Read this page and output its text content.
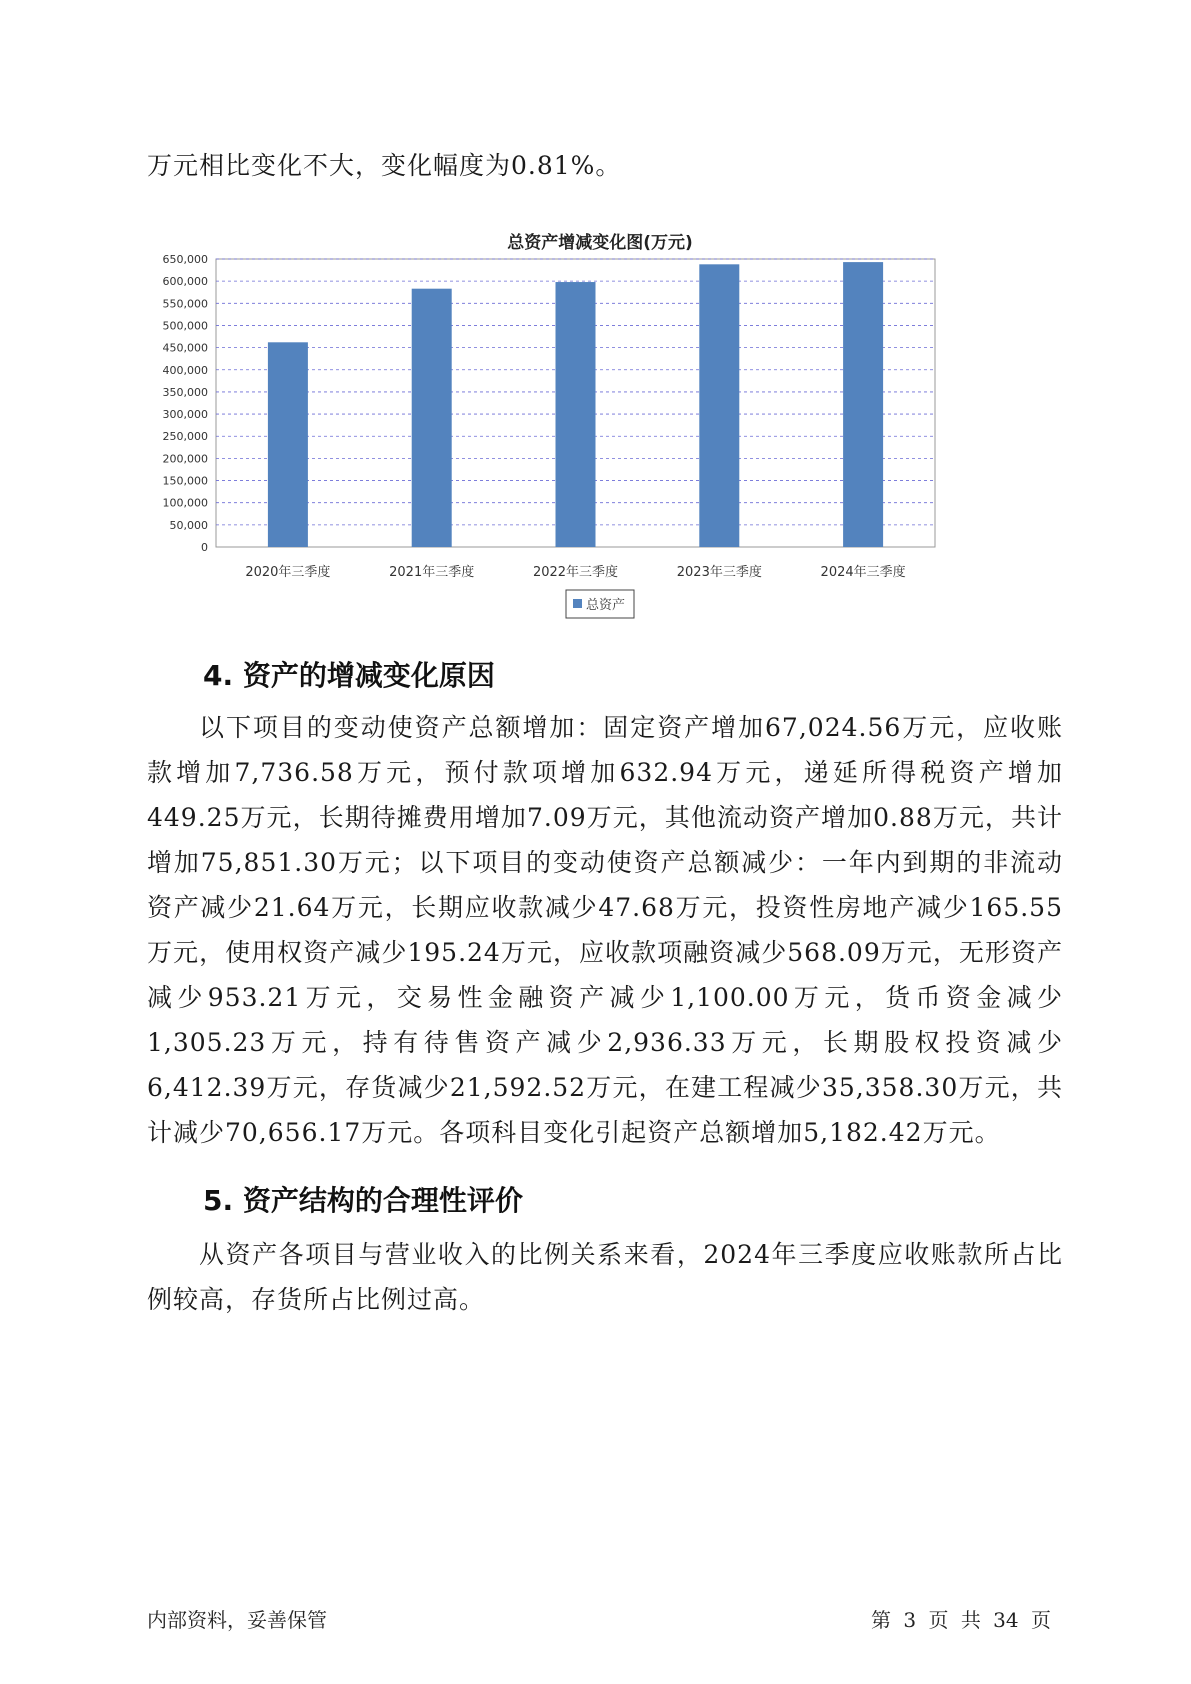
万元相比变化不大，变化幅度为0.81%。

总资产增减变化图(万元)
0
50,000
100,000
150,000
200,000
250,000
300,000
350,000
400,000
450,000
500,000
550,000
600,000
650,000
2020年三季度	2021年三季度	2022年三季度	2023年三季度	2024年三季度
总资产
4. 资产的增减变化原因

以下项目的变动使资产总额增加：固定资产增加67,024.56万元，应收账款增加7,736.58万元，预付款项增加632.94万元，递延所得税资产增加449.25万元，长期待摊费用增加7.09万元，其他流动资产增加0.88万元，共计增加75,851.30万元；以下项目的变动使资产总额减少：一年内到期的非流动资产减少21.64万元，长期应收款减少47.68万元，投资性房地产减少165.55万元，使用权资产减少195.24万元，应收款项融资减少568.09万元，无形资产减少953.21万元，交易性金融资产减少1,100.00万元，货币资金减少1,305.23万元，持有待售资产减少2,936.33万元，长期股权投资减少6,412.39万元，存货减少21,592.52万元，在建工程减少35,358.30万元，共计减少70,656.17万元。各项科目变化引起资产总额增加5,182.42万元。

5. 资产结构的合理性评价

从资产各项目与营业收入的比例关系来看，2024年三季度应收账款所占比例较高，存货所占比例过高。

内部资料，妥善保管	第 3 页 共 34 页
